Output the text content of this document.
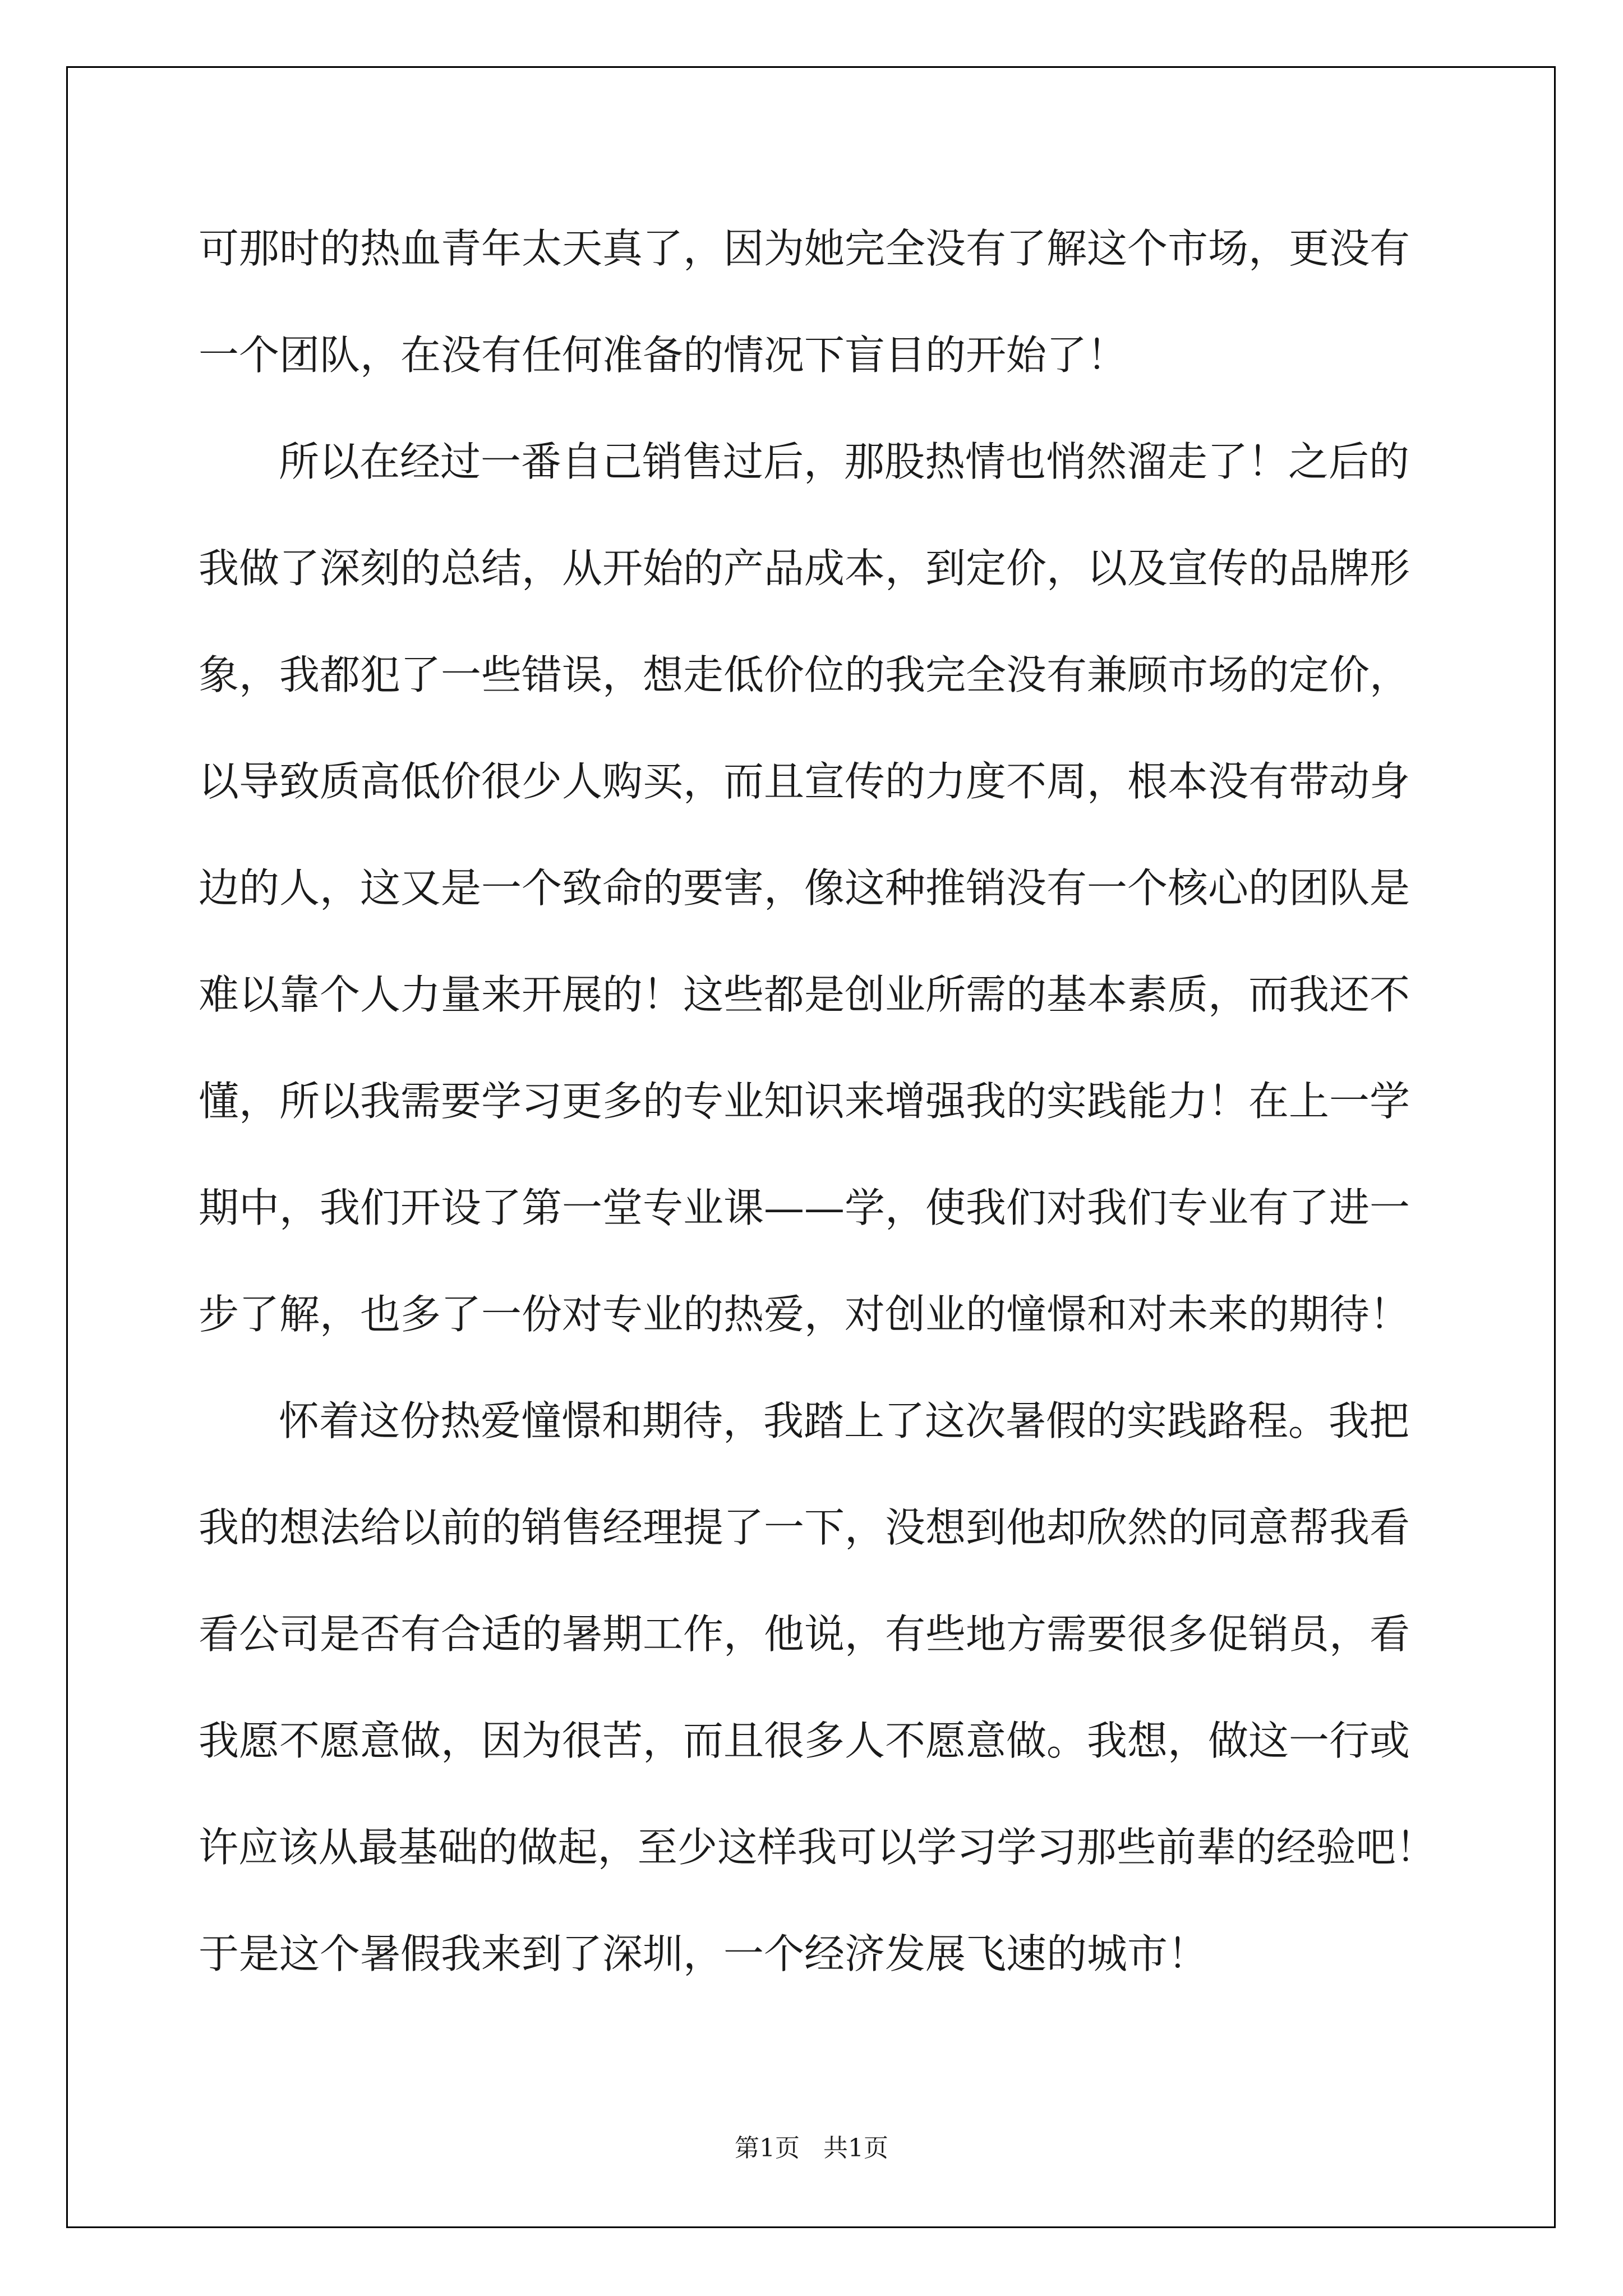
可那时的热血青年太天真了，因为她完全没有了解这个市场，更没有

一个团队，在没有任何准备的情况下盲目的开始了！

所以在经过一番自己销售过后，那股热情也悄然溜走了！之后的

我做了深刻的总结，从开始的产品成本，到定价，以及宣传的品牌形

象，我都犯了一些错误，想走低价位的我完全没有兼顾市场的定价，

以导致质高低价很少人购买，而且宣传的力度不周，根本没有带动身

边的人，这又是一个致命的要害，像这种推销没有一个核心的团队是

难以靠个人力量来开展的！这些都是创业所需的基本素质，而我还不

懂，所以我需要学习更多的专业知识来增强我的实践能力！在上一学

期中，我们开设了第一堂专业课——学，使我们对我们专业有了进一

步了解，也多了一份对专业的热爱，对创业的憧憬和对未来的期待！

怀着这份热爱憧憬和期待，我踏上了这次暑假的实践路程。我把

我的想法给以前的销售经理提了一下，没想到他却欣然的同意帮我看

看公司是否有合适的暑期工作，他说，有些地方需要很多促销员，看

我愿不愿意做，因为很苦，而且很多人不愿意做。我想，做这一行或

许应该从最基础的做起，至少这样我可以学习学习那些前辈的经验吧！

于是这个暑假我来到了深圳，一个经济发展飞速的城市！

第1页   共1页
